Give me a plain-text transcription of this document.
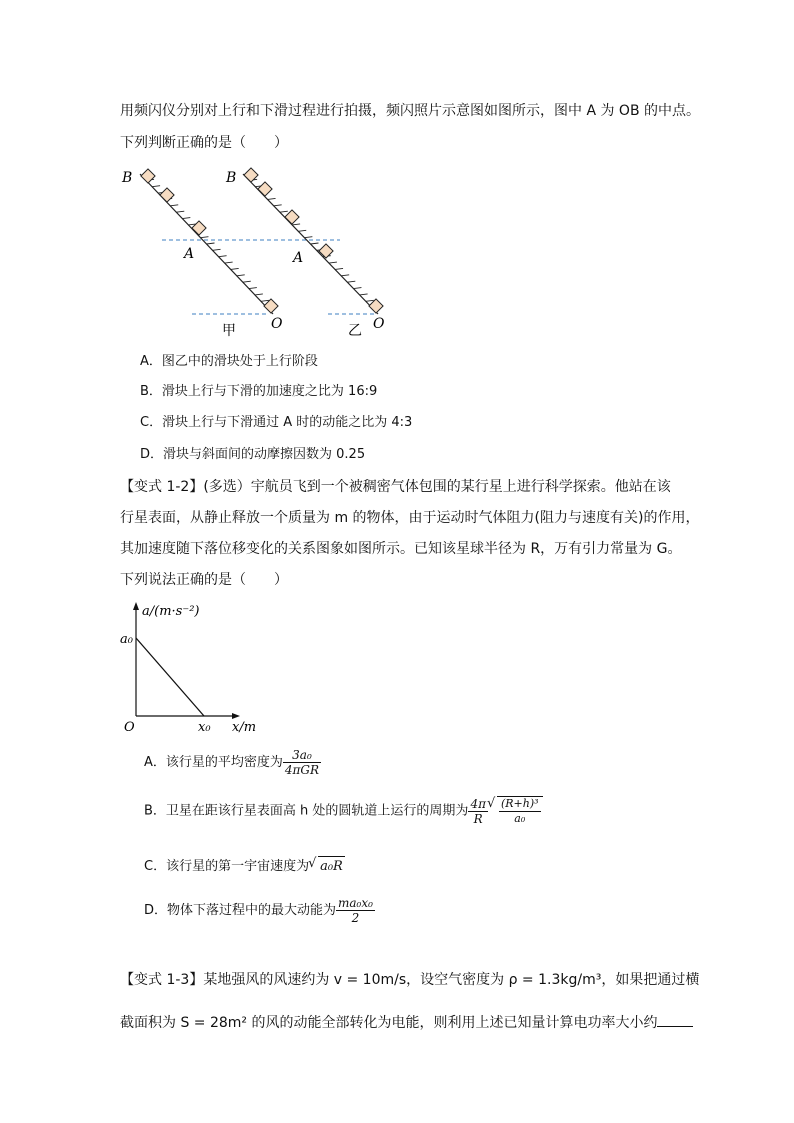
用频闪仪分别对上行和下滑过程进行拍摄，频闪照片示意图如图所示，图中 A 为 OB 的中点。
下列判断正确的是（　　）
B
A
O
B
A
O
甲	乙
A．图乙中的滑块处于上行阶段
B．滑块上行与下滑的加速度之比为 16:9
C．滑块上行与下滑通过 A 时的动能之比为 4:3
D．滑块与斜面间的动摩擦因数为 0.25
【变式 1-2】(多选）宇航员飞到一个被稠密气体包围的某行星上进行科学探索。他站在该
行星表面，从静止释放一个质量为 m 的物体，由于运动时气体阻力(阻力与速度有关)的作用，
其加速度随下落位移变化的关系图象如图所示。已知该星球半径为 R，万有引力常量为 G。
下列说法正确的是（　　）
a/(m·s⁻²)
a₀
O	x₀ x/m
A．该行星的平均密度为 $\frac{\text{3a₀}}{\text{4πGR}}$
B．卫星在距该行星表面高 h 处的圆轨道上运行的周期为 $\frac{4\pi}{R}$ √ $\frac{\text{(R+h)³}}{\text{a₀}}$
C．该行星的第一宇宙速度为 √ a₀R
D．物体下落过程中的最大动能为 $\frac{\text{ma₀x₀}}{2}$
【变式 1-3】某地强风的风速约为 v = 10m/s，设空气密度为 ρ = 1.3kg/m³，如果把通过横
截面积为 S = 28m² 的风的动能全部转化为电能，则利用上述已知量计算电功率大小约
